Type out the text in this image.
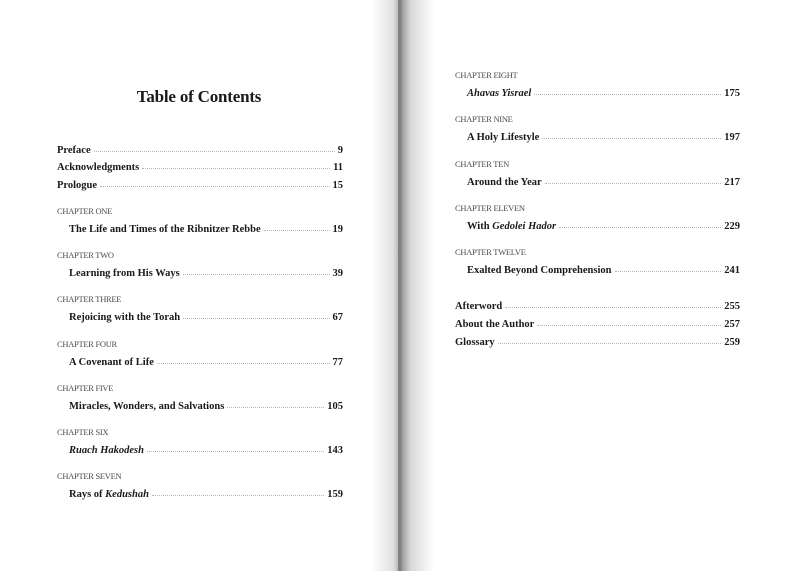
Table of Contents
Preface	9
Acknowledgments	11
Prologue	15
CHAPTER ONE
The Life and Times of the Ribnitzer Rebbe	19
CHAPTER TWO
Learning from His Ways	39
CHAPTER THREE
Rejoicing with the Torah	67
CHAPTER FOUR
A Covenant of Life	77
CHAPTER FIVE
Miracles, Wonders, and Salvations	105
CHAPTER SIX
Ruach Hakodesh	143
CHAPTER SEVEN
Rays of Kedushah	159
CHAPTER EIGHT
Ahavas Yisrael	175
CHAPTER NINE
A Holy Lifestyle	197
CHAPTER TEN
Around the Year	217
CHAPTER ELEVEN
With Gedolei Hador	229
CHAPTER TWELVE
Exalted Beyond Comprehension	241
Afterword	255
About the Author	257
Glossary	259
